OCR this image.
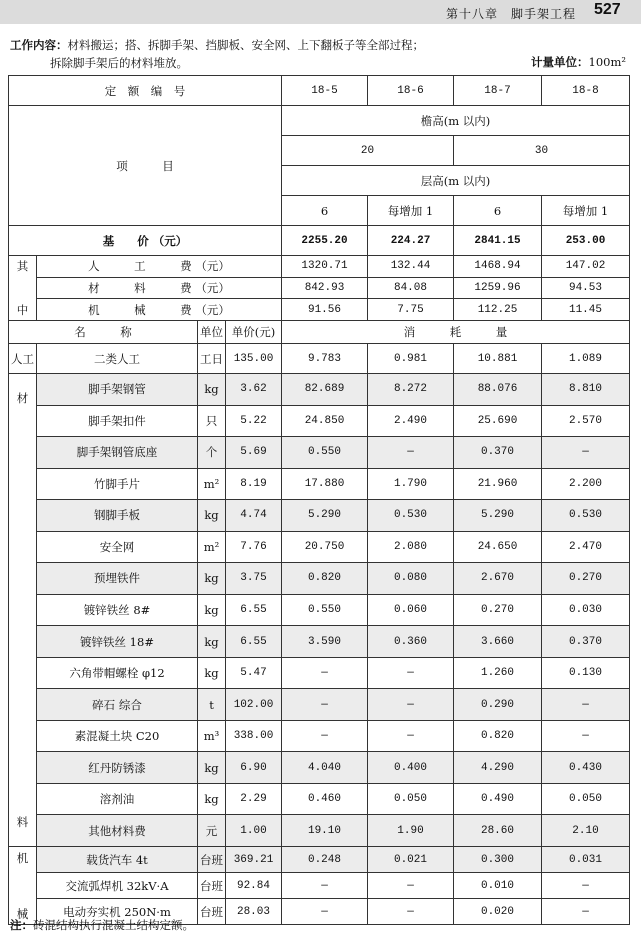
第十八章　脚手架工程 527
工作内容：材料搬运；搭、拆脚手架、挡脚板、安全网、上下翻板子等全部过程；
拆除脚手架后的材料堆放。	计量单位：100m²
定　额　编　号				18-5	18-6	18-7	18-8
项　　　目				檐高(m 以内)			
				20		30	
				层高(m 以内)			
				6	每增加 1	6	每增加 1
基　　价 （元）				2255.20	224.27	2841.15	253.00

其
中	人　　　工　　　费 （元）			1320.71	132.44	1468.94	147.02
	材　　　料　　　费 （元）			842.93	84.08	1259.96	94.53
	机　　　械　　　费 （元）			91.56	7.75	112.25	11.45
名　　　称		单位	单价(元)	消　　　耗　　　量			
人工	二类人工	工日	135.00	9.783	0.981	10.881	1.089

材
料	脚手架钢管	kg	3.62	82.689	8.272	88.076	8.810
	脚手架扣件	只	5.22	24.850	2.490	25.690	2.570
	脚手架钢管底座	个	5.69	0.550	—	0.370	—
	竹脚手片	m²	8.19	17.880	1.790	21.960	2.200
	钢脚手板	kg	4.74	5.290	0.530	5.290	0.530
	安全网	m²	7.76	20.750	2.080	24.650	2.470
	预埋铁件	kg	3.75	0.820	0.080	2.670	0.270
	镀锌铁丝 8#	kg	6.55	0.550	0.060	0.270	0.030
	镀锌铁丝 18#	kg	6.55	3.590	0.360	3.660	0.370
	六角带帽螺栓 φ12	kg	5.47	—	—	1.260	0.130
	碎石 综合	t	102.00	—	—	0.290	—
	素混凝土块 C20	m³	338.00	—	—	0.820	—
	红丹防锈漆	kg	6.90	4.040	0.400	4.290	0.430
	溶剂油	kg	2.29	0.460	0.050	0.490	0.050
	其他材料费	元	1.00	19.10	1.90	28.60	2.10

机
械	载货汽车 4t	台班	369.21	0.248	0.021	0.300	0.031
	交流弧焊机 32kV·A	台班	92.84	—	—	0.010	—
	电动夯实机 250N·m	台班	28.03	—	—	0.020	—
注：砖混结构执行混凝土结构定额。
